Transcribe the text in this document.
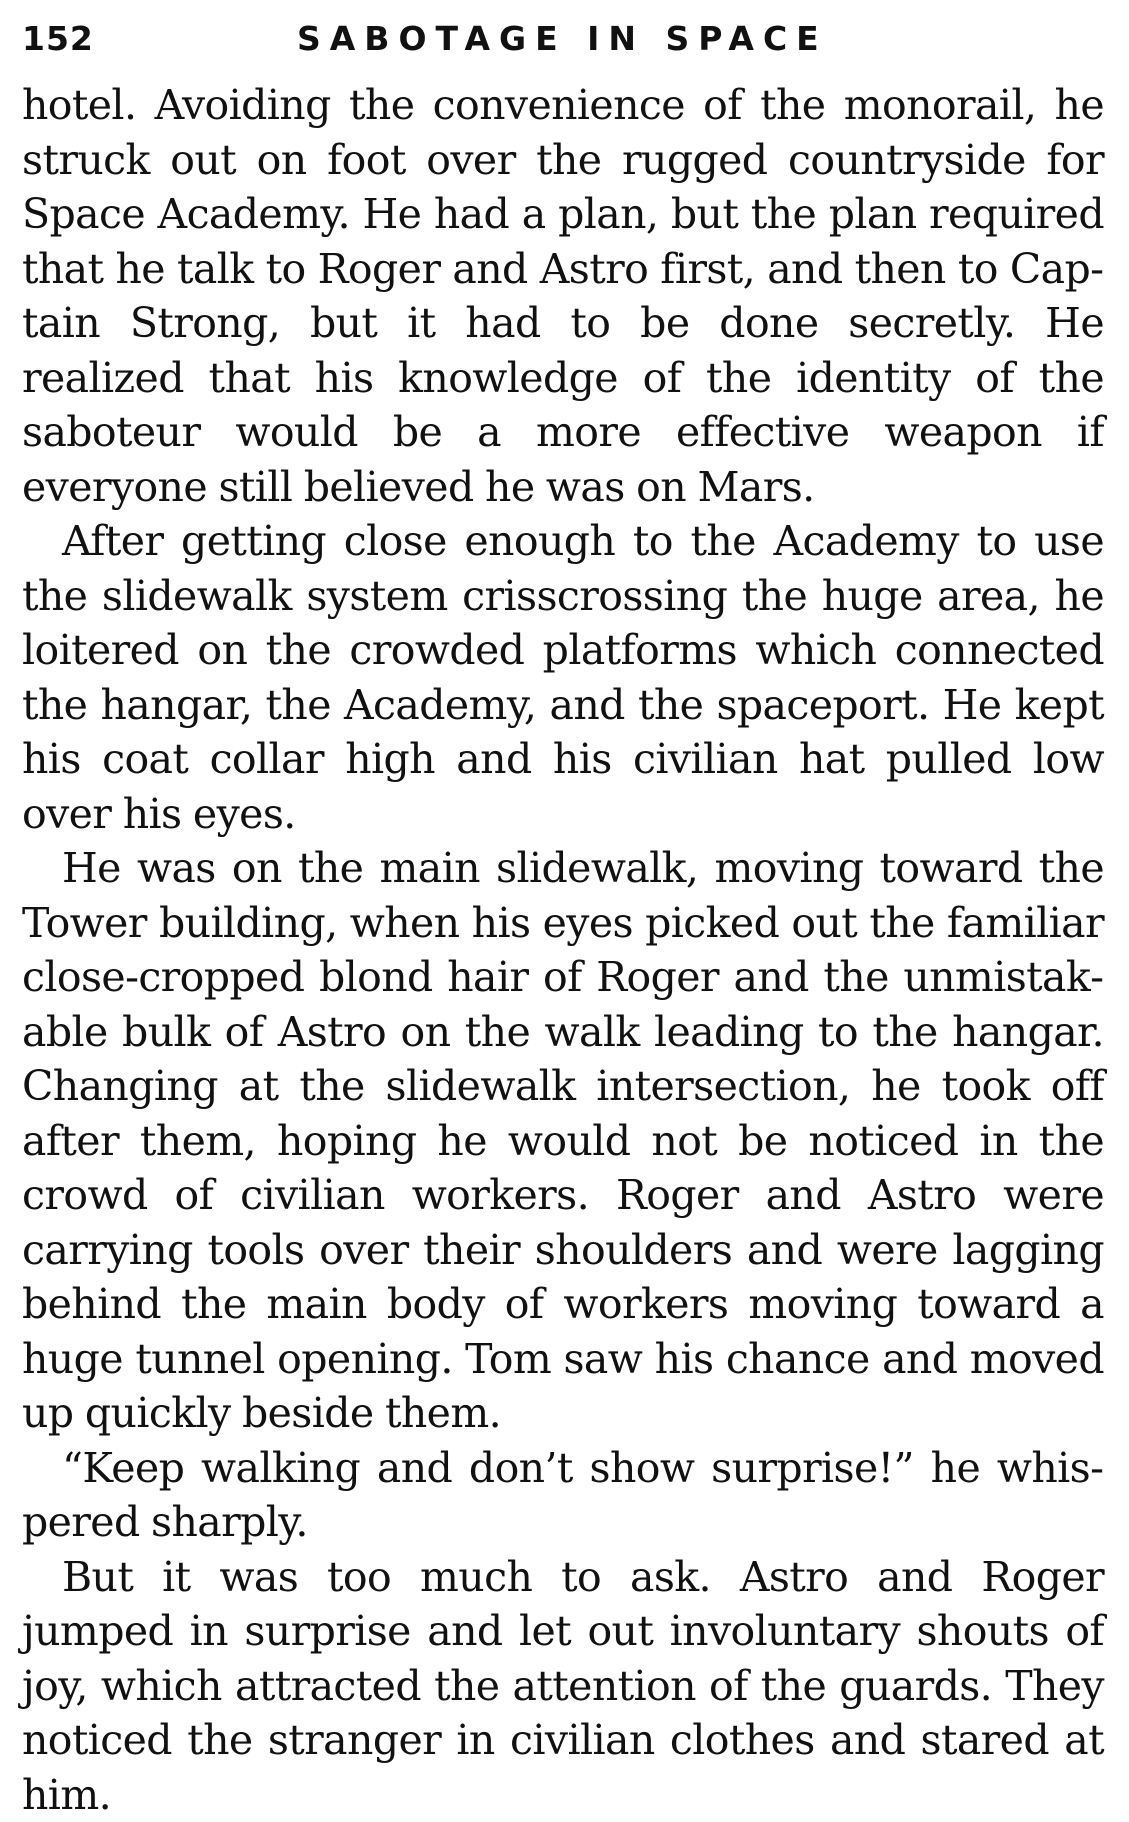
152	SABOTAGE IN SPACE

hotel. Avoiding the convenience of the monorail, he struck out on foot over the rugged countryside for Space Academy. He had a plan, but the plan required that he talk to Roger and Astro first, and then to Captain Strong, but it had to be done secretly. He realized that his knowledge of the identity of the saboteur would be a more effective weapon if everyone still believed he was on Mars.

After getting close enough to the Academy to use the slidewalk system crisscrossing the huge area, he loitered on the crowded platforms which connected the hangar, the Academy, and the spaceport. He kept his coat collar high and his civilian hat pulled low over his eyes.

He was on the main slidewalk, moving toward the Tower building, when his eyes picked out the familiar close-cropped blond hair of Roger and the unmistakable bulk of Astro on the walk leading to the hangar. Changing at the slidewalk intersection, he took off after them, hoping he would not be noticed in the crowd of civilian workers. Roger and Astro were carrying tools over their shoulders and were lagging behind the main body of workers moving toward a huge tunnel opening. Tom saw his chance and moved up quickly beside them.

“Keep walking and don’t show surprise!” he whispered sharply.

But it was too much to ask. Astro and Roger jumped in surprise and let out involuntary shouts of joy, which attracted the attention of the guards. They noticed the stranger in civilian clothes and stared at him.
